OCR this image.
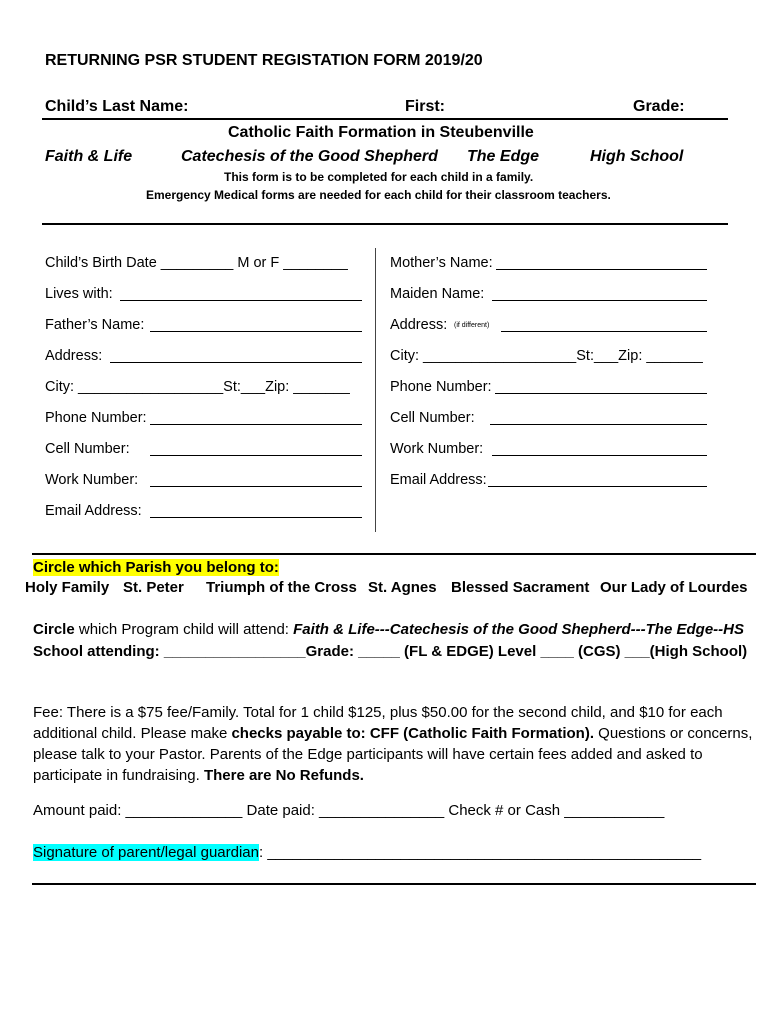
RETURNING PSR STUDENT REGISTATION FORM 2019/20
Child’s Last Name:	First:	Grade:
Catholic Faith Formation in Steubenville
Faith & Life	Catechesis of the Good Shepherd The Edge	High School
This form is to be completed for each child in a family.
Emergency Medical forms are needed for each child for their classroom teachers.
Child’s Birth Date _________ M or F ________
Lives with:
Father’s Name:
Address:
City: __________________St:___Zip: _______
Phone Number:
Cell Number:
Work Number:
Email Address:
Mother’s Name:
Maiden Name:
Address: (if different)
City: ___________________St:___Zip: _______
Phone Number:
Cell Number:
Work Number:
Email Address:
Circle which Parish you belong to:
Holy Family St. Peter Triumph of the Cross St. Agnes Blessed Sacrament Our Lady of Lourdes
Circle which Program child will attend: Faith & Life---Catechesis of the Good Shepherd---The Edge--HS
School attending: _________________Grade: _____ (FL & EDGE) Level ____ (CGS) ___(High School)
Fee: There is a $75 fee/Family. Total for 1 child $125, plus $50.00 for the second child, and $10 for each
additional child. Please make checks payable to: CFF (Catholic Faith Formation). Questions or concerns,
please talk to your Pastor. Parents of the Edge participants will have certain fees added and asked to
participate in fundraising. There are No Refunds.
Amount paid: ______________ Date paid: _______________ Check # or Cash ____________
Signature of parent/legal guardian: ____________________________________________________
